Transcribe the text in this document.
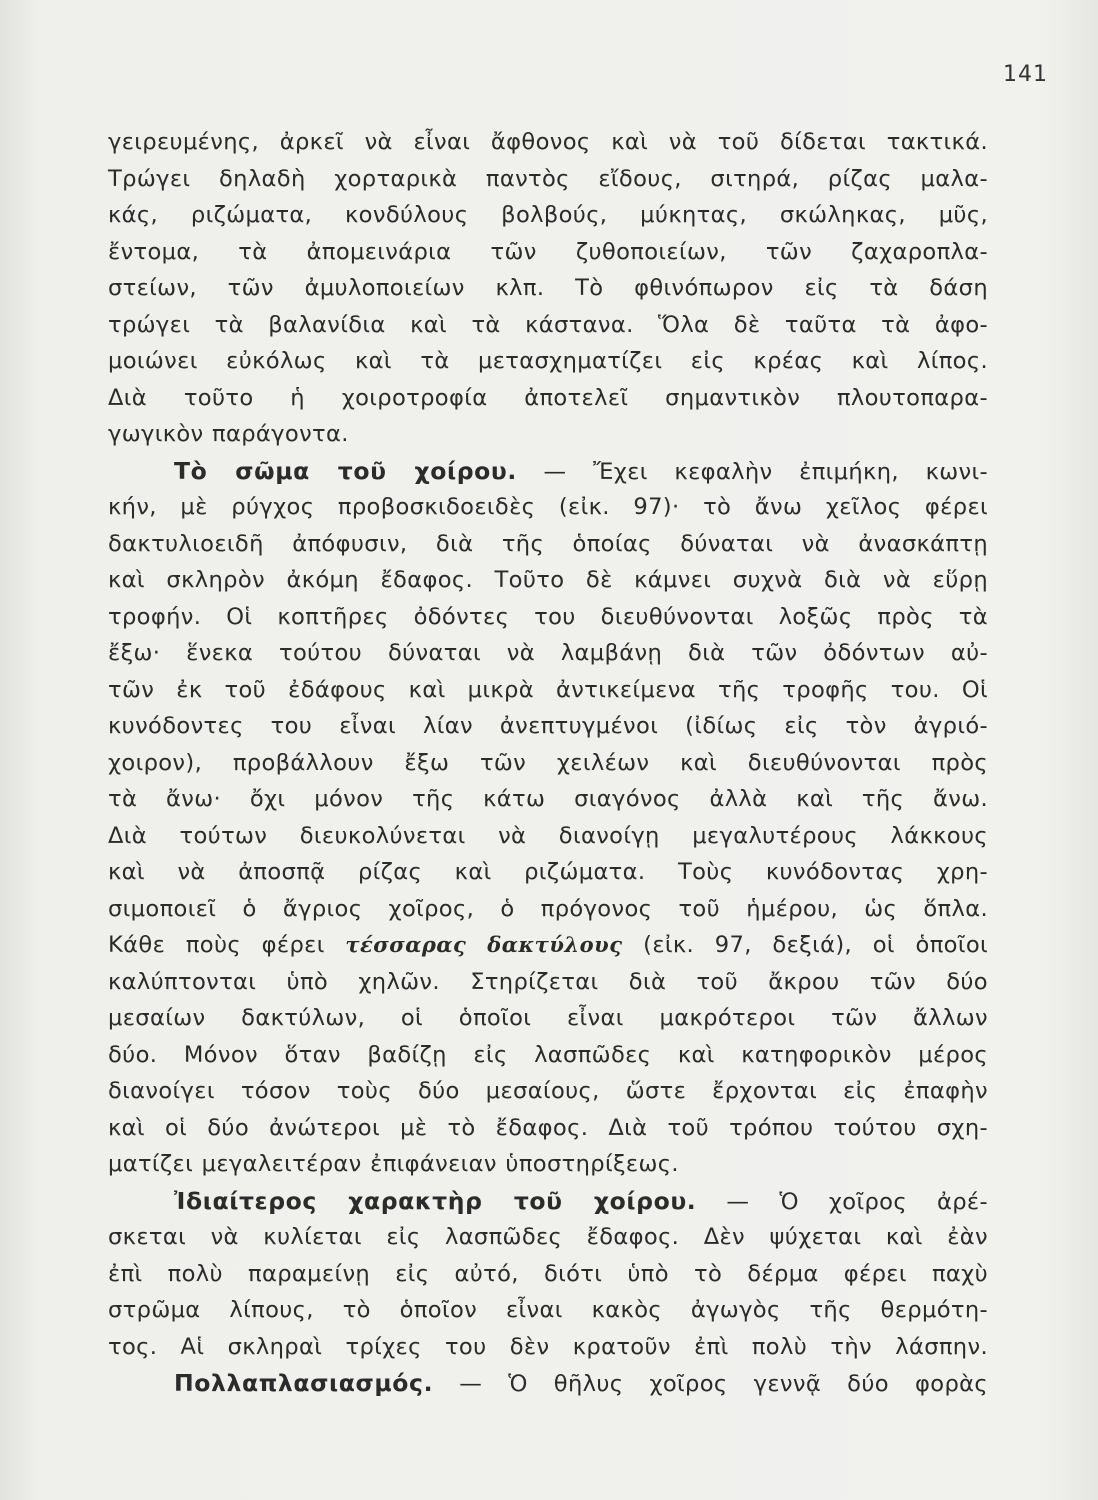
141
γειρευμένης, ἀρκεῖ νὰ εἶναι ἄφθονος καὶ νὰ τοῦ δίδεται τακτικά.
Τρώγει δηλαδὴ χορταρικὰ παντὸς εἴδους, σιτηρά, ρίζας μαλα-
κάς, ριζώματα, κονδύλους βολβούς, μύκητας, σκώληκας, μῦς,
ἔντομα, τὰ ἀπομεινάρια τῶν ζυθοποιείων, τῶν ζαχαροπλα-
στείων, τῶν ἀμυλοποιείων κλπ. Τὸ φθινόπωρον εἰς τὰ δάση
τρώγει τὰ βαλανίδια καὶ τὰ κάστανα. Ὅλα δὲ ταῦτα τὰ ἀφο-
μοιώνει εὐκόλως καὶ τὰ μετασχηματίζει εἰς κρέας καὶ λίπος.
Διὰ τοῦτο ἡ χοιροτροφία ἀποτελεῖ σημαντικὸν πλουτοπαρα-
γωγικὸν παράγοντα.
Τὸ σῶμα τοῦ χοίρου. — Ἔχει κεφαλὴν ἐπιμήκη, κωνι-
κήν, μὲ ρύγχος προβοσκιδοειδὲς (εἰκ. 97)· τὸ ἄνω χεῖλος φέρει
δακτυλιοειδῆ ἀπόφυσιν, διὰ τῆς ὁποίας δύναται νὰ ἀνασκάπτῃ
καὶ σκληρὸν ἀκόμη ἔδαφος. Τοῦτο δὲ κάμνει συχνὰ διὰ νὰ εὕρῃ
τροφήν. Οἱ κοπτῆρες ὀδόντες του διευθύνονται λοξῶς πρὸς τὰ
ἔξω· ἕνεκα τούτου δύναται νὰ λαμβάνῃ διὰ τῶν ὀδόντων αὐ-
τῶν ἐκ τοῦ ἐδάφους καὶ μικρὰ ἀντικείμενα τῆς τροφῆς του. Οἱ
κυνόδοντες του εἶναι λίαν ἀνεπτυγμένοι (ἰδίως εἰς τὸν ἀγριό-
χοιρον), προβάλλουν ἔξω τῶν χειλέων καὶ διευθύνονται πρὸς
τὰ ἄνω· ὄχι μόνον τῆς κάτω σιαγόνος ἀλλὰ καὶ τῆς ἄνω.
Διὰ τούτων διευκολύνεται νὰ διανοίγῃ μεγαλυτέρους λάκκους
καὶ νὰ ἀποσπᾷ ρίζας καὶ ριζώματα. Τοὺς κυνόδοντας χρη-
σιμοποιεῖ ὁ ἄγριος χοῖρος, ὁ πρόγονος τοῦ ἡμέρου, ὡς ὅπλα.
Κάθε ποὺς φέρει τέσσαρας δακτύλους (εἰκ. 97, δεξιά), οἱ ὁποῖοι
καλύπτονται ὑπὸ χηλῶν. Στηρίζεται διὰ τοῦ ἄκρου τῶν δύο
μεσαίων δακτύλων, οἱ ὁποῖοι εἶναι μακρότεροι τῶν ἄλλων
δύο. Μόνον ὅταν βαδίζῃ εἰς λασπῶδες καὶ κατηφορικὸν μέρος
διανοίγει τόσον τοὺς δύο μεσαίους, ὥστε ἔρχονται εἰς ἐπαφὴν
καὶ οἱ δύο ἀνώτεροι μὲ τὸ ἔδαφος. Διὰ τοῦ τρόπου τούτου σχη-
ματίζει μεγαλειτέραν ἐπιφάνειαν ὑποστηρίξεως.
Ἰδιαίτερος χαρακτὴρ τοῦ χοίρου. — Ὁ χοῖρος ἀρέ-
σκεται νὰ κυλίεται εἰς λασπῶδες ἔδαφος. Δὲν ψύχεται καὶ ἐὰν
ἐπὶ πολὺ παραμείνῃ εἰς αὐτό, διότι ὑπὸ τὸ δέρμα φέρει παχὺ
στρῶμα λίπους, τὸ ὁποῖον εἶναι κακὸς ἀγωγὸς τῆς θερμότη-
τος. Αἱ σκληραὶ τρίχες του δὲν κρατοῦν ἐπὶ πολὺ τὴν λάσπην.
Πολλαπλασιασμός. — Ὁ θῆλυς χοῖρος γεννᾷ δύο φορὰς
